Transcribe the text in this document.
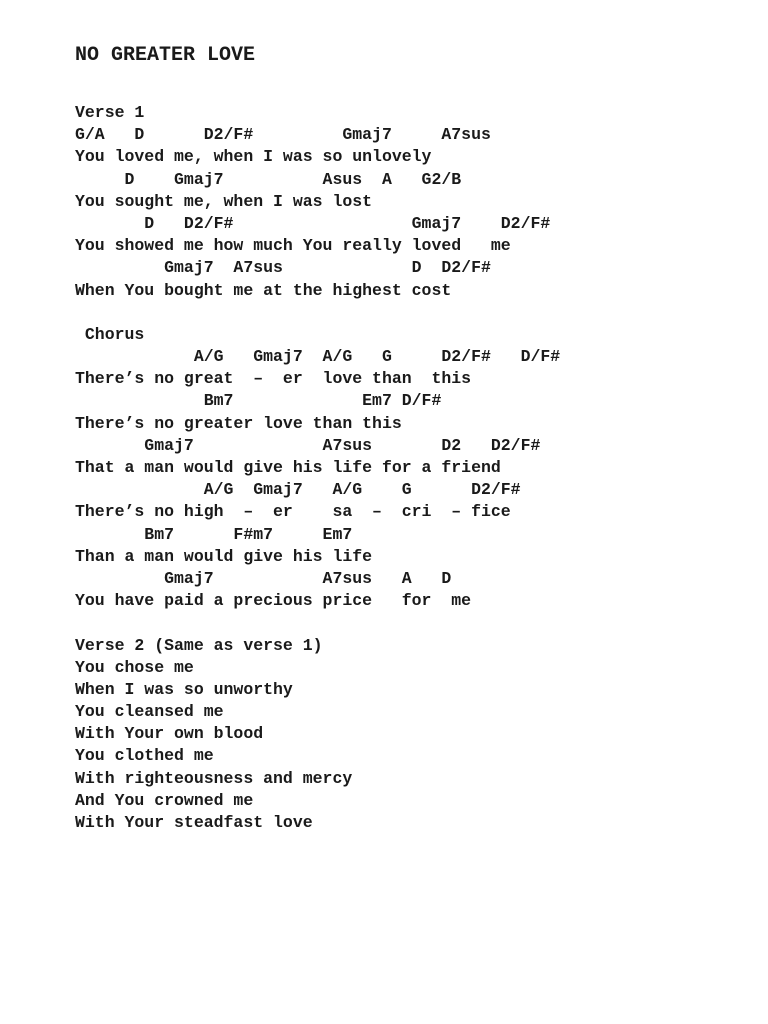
NO GREATER LOVE
Verse 1
G/A   D      D2/F#         Gmaj7     A7sus
You loved me, when I was so unlovely
D    Gmaj7          Asus  A   G2/B
You sought me, when I was lost
D   D2/F#                  Gmaj7    D2/F#
You showed me how much You really loved   me
Gmaj7  A7sus             D  D2/F#
When You bought me at the highest cost
Chorus
A/G   Gmaj7  A/G   G     D2/F#   D/F#
There’s no great  –  er  love than  this
Bm7             Em7 D/F#
There’s no greater love than this
Gmaj7             A7sus       D2   D2/F#
That a man would give his life for a friend
A/G  Gmaj7   A/G    G      D2/F#
There’s no high  –  er    sa  –  cri  – fice
Bm7      F#m7     Em7
Than a man would give his life
Gmaj7           A7sus   A   D
You have paid a precious price   for  me
Verse 2 (Same as verse 1)
You chose me
When I was so unworthy
You cleansed me
With Your own blood
You clothed me
With righteousness and mercy
And You crowned me
With Your steadfast love
